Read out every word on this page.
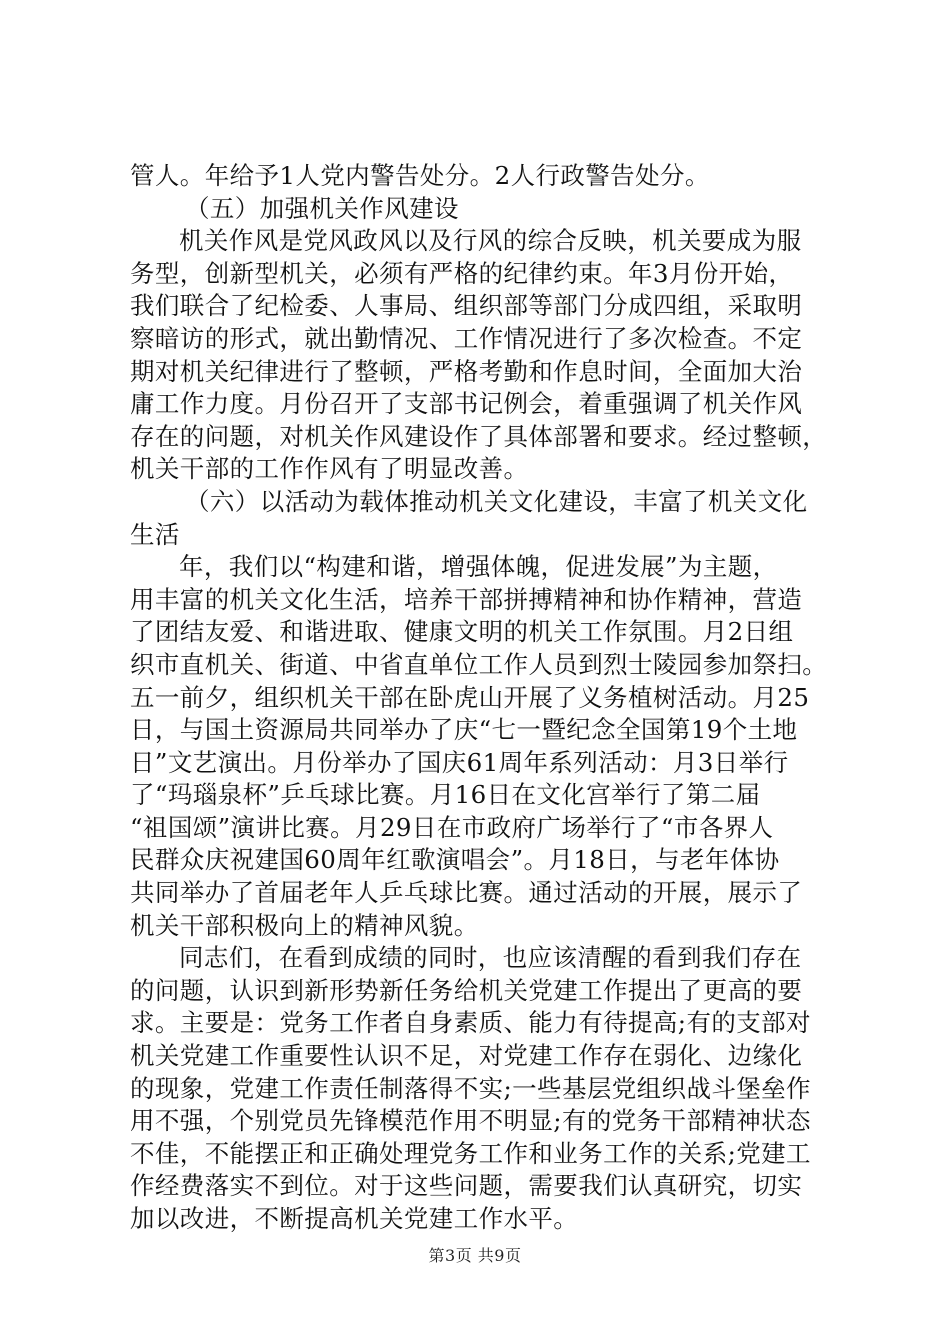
管人。年给予1人党内警告处分。2人行政警告处分。
（五）加强机关作风建设
机关作风是党风政风以及行风的综合反映，机关要成为服
务型，创新型机关，必须有严格的纪律约束。年3月份开始，
我们联合了纪检委、人事局、组织部等部门分成四组，采取明
察暗访的形式，就出勤情况、工作情况进行了多次检查。不定
期对机关纪律进行了整顿，严格考勤和作息时间，全面加大治
庸工作力度。月份召开了支部书记例会，着重强调了机关作风
存在的问题，对机关作风建设作了具体部署和要求。经过整顿，
机关干部的工作作风有了明显改善。
（六）以活动为载体推动机关文化建设，丰富了机关文化
生活
年，我们以“构建和谐，增强体魄，促进发展”为主题，
用丰富的机关文化生活，培养干部拼搏精神和协作精神，营造
了团结友爱、和谐进取、健康文明的机关工作氛围。月2日组
织市直机关、街道、中省直单位工作人员到烈士陵园参加祭扫。
五一前夕，组织机关干部在卧虎山开展了义务植树活动。月25
日，与国土资源局共同举办了庆“七一暨纪念全国第19个土地
日”文艺演出。月份举办了国庆61周年系列活动：月3日举行
了“玛瑙泉杯”乒乓球比赛。月16日在文化宫举行了第二届
“祖国颂”演讲比赛。月29日在市政府广场举行了“市各界人
民群众庆祝建国60周年红歌演唱会”。月18日，与老年体协
共同举办了首届老年人乒乓球比赛。通过活动的开展，展示了
机关干部积极向上的精神风貌。
同志们，在看到成绩的同时，也应该清醒的看到我们存在
的问题，认识到新形势新任务给机关党建工作提出了更高的要
求。主要是：党务工作者自身素质、能力有待提高;有的支部对
机关党建工作重要性认识不足，对党建工作存在弱化、边缘化
的现象，党建工作责任制落得不实;一些基层党组织战斗堡垒作
用不强，个别党员先锋模范作用不明显;有的党务干部精神状态
不佳，不能摆正和正确处理党务工作和业务工作的关系;党建工
作经费落实不到位。对于这些问题，需要我们认真研究，切实
加以改进，不断提高机关党建工作水平。
第3页 共9页
